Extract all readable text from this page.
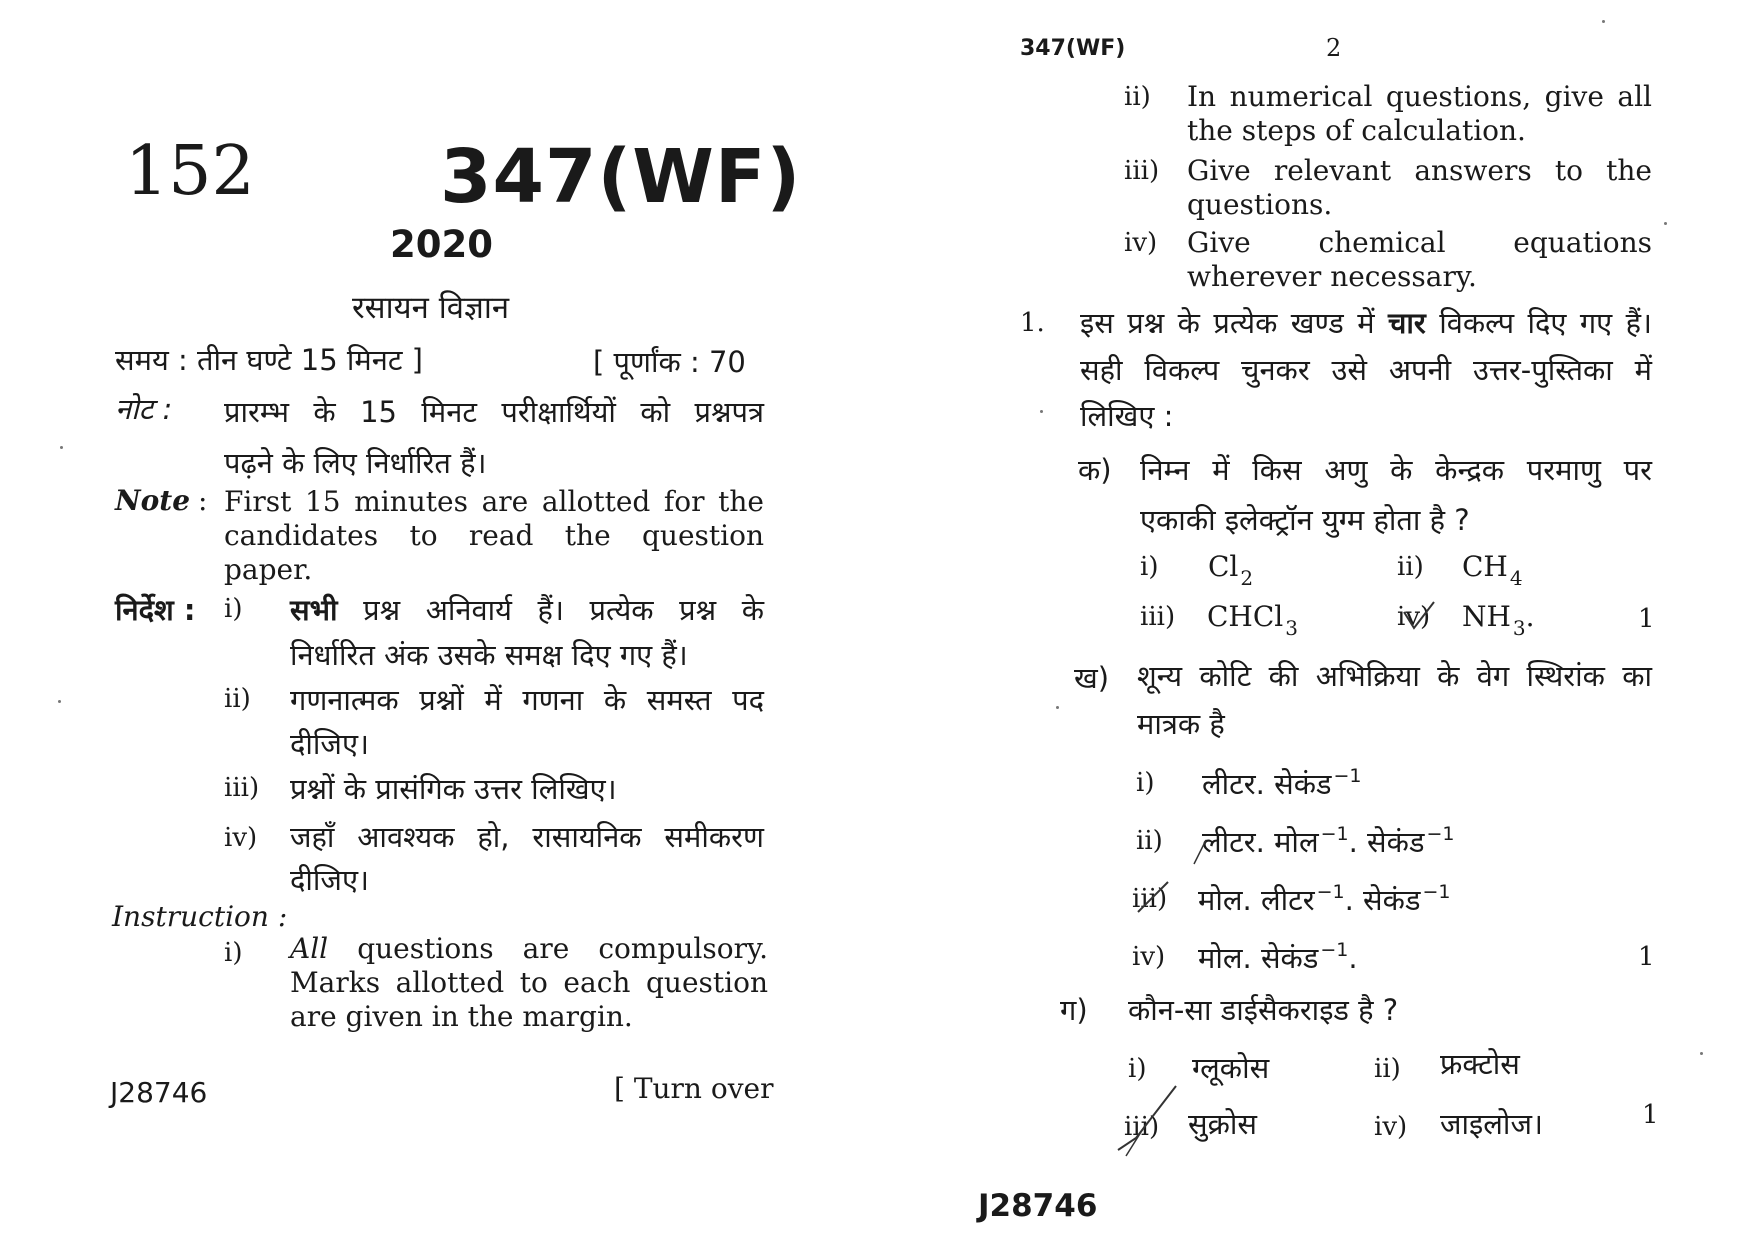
152	347(WF)
2020
रसायन विज्ञान
समय : तीन घण्टे 15 मिनट ]	[ पूर्णांक : 70
नोट : प्रारम्भ के 15 मिनट परीक्षार्थियों को प्रश्नपत्र
पढ़ने के लिए निर्धारित हैं।
Note : First 15 minutes are allotted for the
candidates to read the question
paper.
निर्देश : i) सभी प्रश्न अनिवार्य हैं। प्रत्येक प्रश्न के
निर्धारित अंक उसके समक्ष दिए गए हैं।
ii) गणनात्मक प्रश्नों में गणना के समस्त पद
दीजिए।
iii) प्रश्नों के प्रासंगिक उत्तर लिखिए।
iv) जहाँ आवश्यक हो, रासायनिक समीकरण
दीजिए।
Instruction :
i) All questions are compulsory.
Marks allotted to each question
are given in the margin.
J28746	[ Turn over
347(WF)	2
ii) In numerical questions, give all
the steps of calculation.
iii) Give relevant answers to the
questions.
iv) Give chemical equations
wherever necessary.
1. इस प्रश्न के प्रत्येक खण्ड में चार विकल्प दिए गए हैं।
सही विकल्प चुनकर उसे अपनी उत्तर-पुस्तिका में
लिखिए :
क) निम्न में किस अणु के केन्द्रक परमाणु पर
एकाकी इलेक्ट्रॉन युग्म होता है ?
i) Cl $_2$	ii) CH $_4$
iii) CHCl $_3$	iv) NH $_3$.	1
ख) शून्य कोटि की अभिक्रिया के वेग स्थिरांक का
मात्रक है
i) लीटर. सेकंड $^{-1}$
ii) लीटर. मोल $^{-1}$. सेकंड $^{-1}$
iii) मोल. लीटर $^{-1}$. सेकंड $^{-1}$
iv) मोल. सेकंड $^{-1}$.	1
ग) कौन-सा डाईसैकराइड है ?
i) ग्लूकोस	ii) फ्रक्टोस
iii) सुक्रोस	iv) जाइलोज।	1
J28746
